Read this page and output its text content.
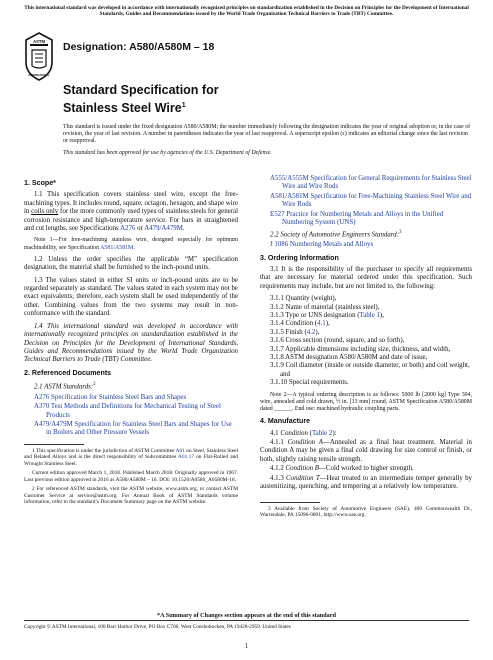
This international standard was developed in accordance with internationally recognized principles on standardization established in the Decision on Principles for the Development of International Standards, Guides and Recommendations issued by the World Trade Organization Technical Barriers to Trade (TBT) Committee.
ASTM
INTERNATIONAL
Designation: A580/A580M – 18
Standard Specification for
Stainless Steel Wire$^1$
This standard is issued under the fixed designation A580/A580M; the number immediately following the designation indicates the year of original adoption or, in the case of revision, the year of last revision. A number in parentheses indicates the year of last reapproval. A superscript epsilon (ε) indicates an editorial change since the last revision or reapproval.
This standard has been approved for use by agencies of the U.S. Department of Defense.
1. Scope*

1.1 This specification covers stainless steel wire, except the free-machining types. It includes round, square, octagon, hexagon, and shape wire in coils only for the more commonly used types of stainless steels for general corrosion resistance and high-temperature service. For bars in straightened and cut lengths, see Specifications A276 or A479/A479M.

Note 1—For free-machining stainless wire, designed especially for optimum machinability, see Specification A581/A581M.

1.2 Unless the order specifies the applicable “M” specification designation, the material shall be furnished to the inch-pound units.

1.3 The values stated in either SI units or inch-pound units are to be regarded separately as standard. The values stated in each system may not be exact equivalents; therefore, each system shall be used independently of the other. Combining values from the two systems may result in non-conformance with the standard.

1.4 This international standard was developed in accordance with internationally recognized principles on standardization established in the Decision on Principles for the Development of International Standards, Guides and Recommendations issued by the World Trade Organization Technical Barriers to Trade (TBT) Committee.

2. Referenced Documents

2.1 ASTM Standards:$^2$

A276 Specification for Stainless Steel Bars and Shapes

A370 Test Methods and Definitions for Mechanical Testing of Steel Products

A479/A479M Specification for Stainless Steel Bars and Shapes for Use in Boilers and Other Pressure Vessels

1 This specification is under the jurisdiction of ASTM Committee A01 on Steel, Stainless Steel and Related Alloys and is the direct responsibility of Subcommittee A01.17 on Flat-Rolled and Wrought Stainless Steel.

Current edition approved March 1, 2018. Published March 2018. Originally approved in 1967. Last previous edition approved in 2016 as A580/A580M – 16. DOI: 10.1520/A0580_A0580M-18.

2 For referenced ASTM standards, visit the ASTM website, www.astm.org, or contact ASTM Customer Service at service@astm.org. For Annual Book of ASTM Standards volume information, refer to the standard’s Document Summary page on the ASTM website.

A555/A555M Specification for General Requirements for Stainless Steel Wire and Wire Rods

A581/A581M Specification for Free-Machining Stainless Steel Wire and Wire Rods

E527 Practice for Numbering Metals and Alloys in the Unified Numbering System (UNS)

2.2 Society of Automotive Engineers Standard:$^3$

J 1086 Numbering Metals and Alloys

3. Ordering Information

3.1 It is the responsibility of the purchaser to specify all requirements that are necessary for material ordered under this specification. Such requirements may include, but are not limited to, the following:

3.1.1 Quantity (weight),

3.1.2 Name of material (stainless steel),

3.1.3 Type or UNS designation (Table 1),

3.1.4 Condition (4.1),

3.1.5 Finish (4.2),

3.1.6 Cross section (round, square, and so forth),

3.1.7 Applicable dimensions including size, thickness, and width,

3.1.8 ASTM designation A580/A580M and date of issue,

3.1.9 Coil diameter (inside or outside diameter, or both) and coil weight, and

3.1.10 Special requirements.

Note 2—A typical ordering description is as follows: 5000 lb [2000 kg] Type 304, wire, annealed and cold drawn, ½ in. [13 mm] round, ASTM Specification A580/A580M dated ______. End use: machined hydraulic coupling parts.

4. Manufacture

4.1 Condition (Table 2):

4.1.1 Condition A—Annealed as a final heat treatment. Material in Condition A may be given a final cold drawing for size control or finish, or both, slightly raising tensile strength.

4.1.2 Condition B—Cold worked to higher strength.

4.1.3 Condition T—Heat treated to an intermediate temper generally by austenitizing, quenching, and tempering at a relatively low temperature.

3 Available from Society of Automotive Engineers (SAE), 400 Commonwealth Dr., Warrendale, PA 15096-0001, http://www.sae.org.

*A Summary of Changes section appears at the end of this standard
Copyright © ASTM International, 100 Barr Harbor Drive, PO Box C700, West Conshohocken, PA 19428-2959. United States
1
